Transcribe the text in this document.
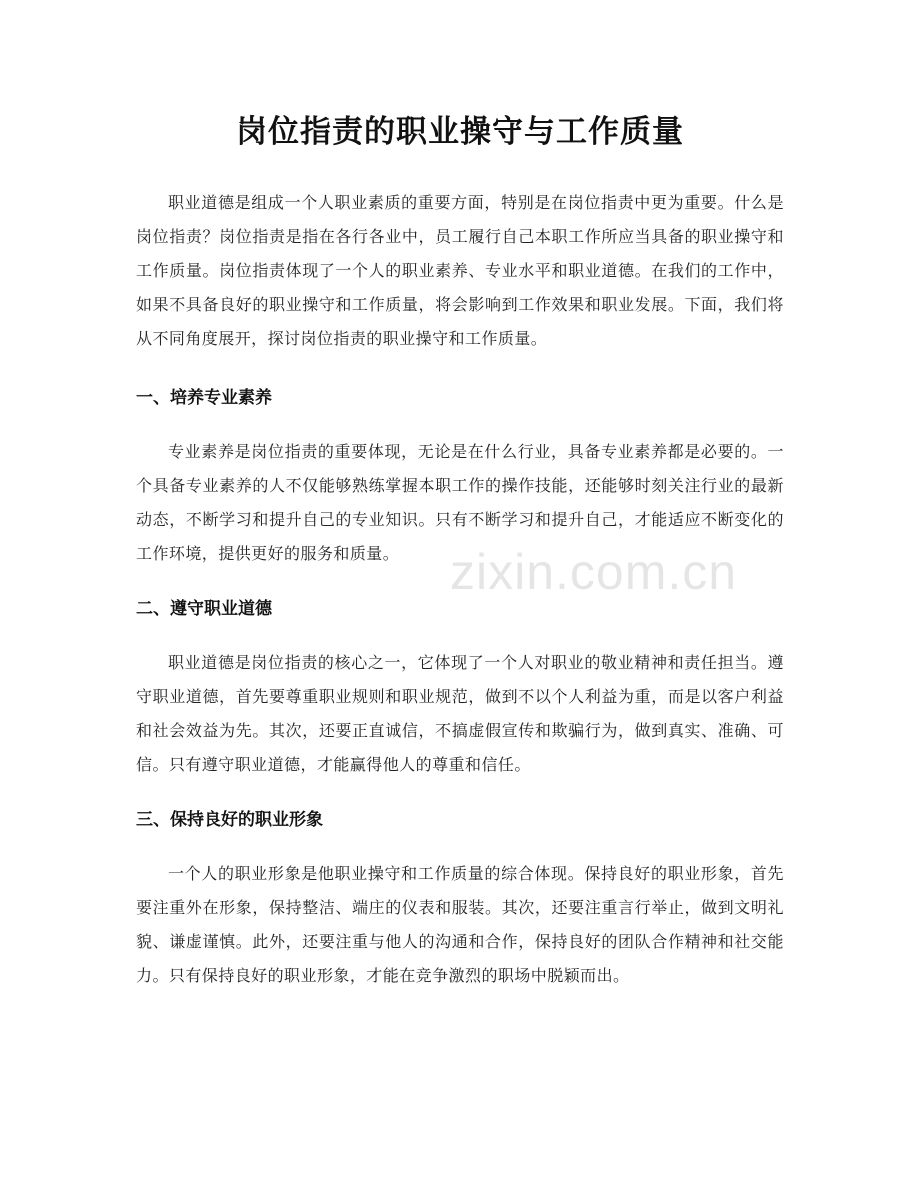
岗位指责的职业操守与工作质量

职业道德是组成一个人职业素质的重要方面，特别是在岗位指责中更为重要。什么是岗位指责？岗位指责是指在各行各业中，员工履行自己本职工作所应当具备的职业操守和工作质量。岗位指责体现了一个人的职业素养、专业水平和职业道德。在我们的工作中，如果不具备良好的职业操守和工作质量，将会影响到工作效果和职业发展。下面，我们将从不同角度展开，探讨岗位指责的职业操守和工作质量。

一、培养专业素养

专业素养是岗位指责的重要体现，无论是在什么行业，具备专业素养都是必要的。一个具备专业素养的人不仅能够熟练掌握本职工作的操作技能，还能够时刻关注行业的最新动态，不断学习和提升自己的专业知识。只有不断学习和提升自己，才能适应不断变化的工作环境，提供更好的服务和质量。

二、遵守职业道德

职业道德是岗位指责的核心之一，它体现了一个人对职业的敬业精神和责任担当。遵守职业道德，首先要尊重职业规则和职业规范，做到不以个人利益为重，而是以客户利益和社会效益为先。其次，还要正直诚信，不搞虚假宣传和欺骗行为，做到真实、准确、可信。只有遵守职业道德，才能赢得他人的尊重和信任。

三、保持良好的职业形象

一个人的职业形象是他职业操守和工作质量的综合体现。保持良好的职业形象，首先要注重外在形象，保持整洁、端庄的仪表和服装。其次，还要注重言行举止，做到文明礼貌、谦虚谨慎。此外，还要注重与他人的沟通和合作，保持良好的团队合作精神和社交能力。只有保持良好的职业形象，才能在竞争激烈的职场中脱颖而出。

zixin.com.cn
